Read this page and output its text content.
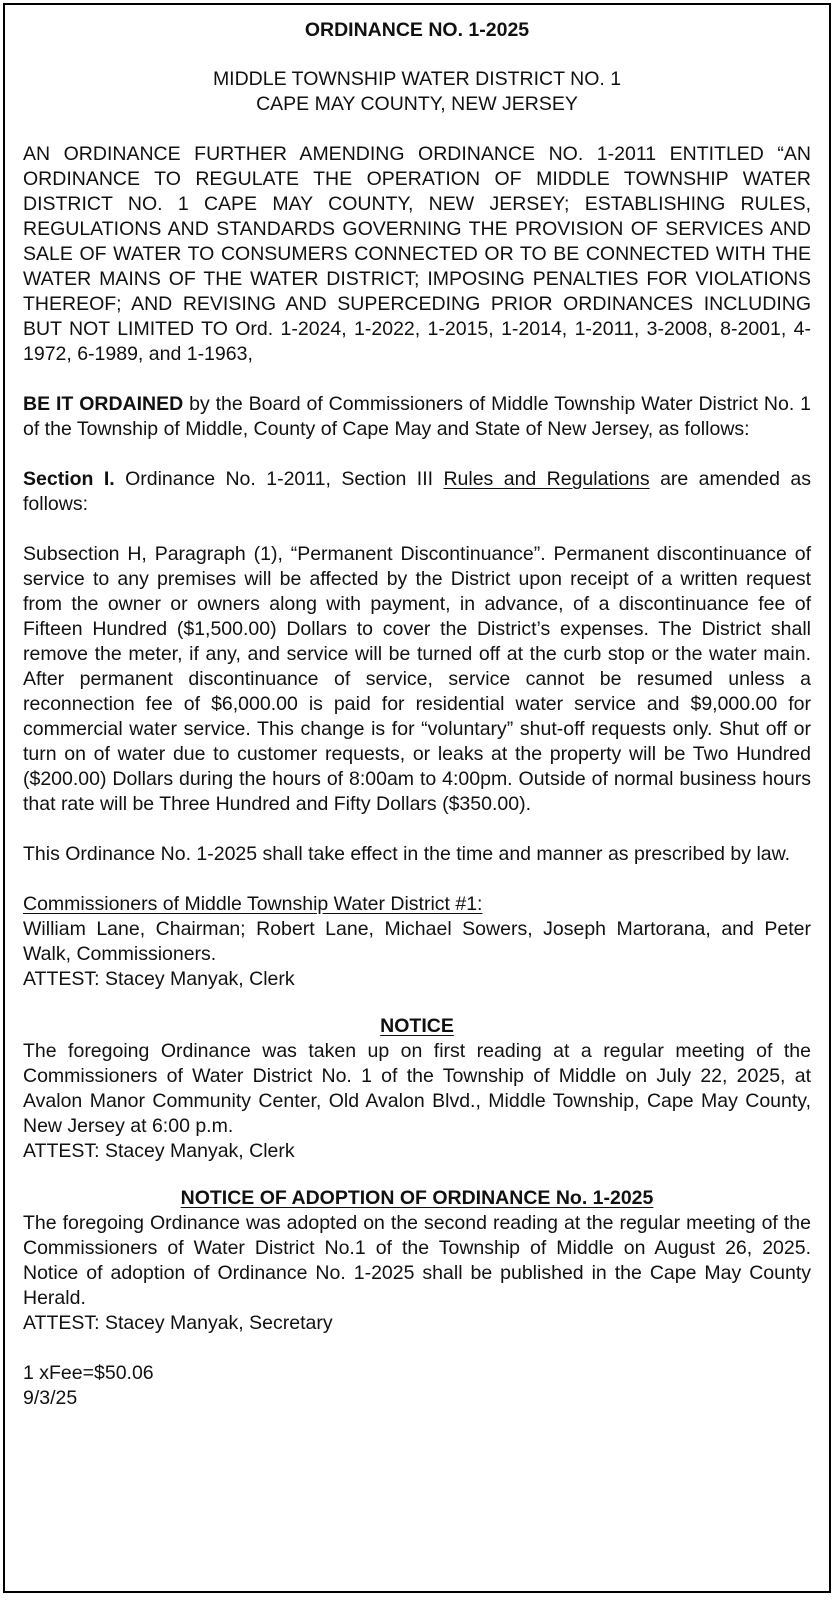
ORDINANCE NO. 1-2025

MIDDLE TOWNSHIP WATER DISTRICT NO. 1
CAPE MAY COUNTY, NEW JERSEY

AN ORDINANCE FURTHER AMENDING ORDINANCE NO. 1-2011 ENTITLED “AN ORDINANCE TO REGULATE THE OPERATION OF MIDDLE TOWNSHIP WATER DISTRICT NO. 1 CAPE MAY COUNTY, NEW JERSEY; ESTABLISHING RULES, REGULATIONS AND STANDARDS GOVERNING THE PROVISION OF SERVICES AND SALE OF WATER TO CONSUMERS CONNECTED OR TO BE CONNECTED WITH THE WATER MAINS OF THE WATER DISTRICT; IMPOSING PENALTIES FOR VIOLATIONS THEREOF; AND REVISING AND SUPERCEDING PRIOR ORDINANCES INCLUDING BUT NOT LIMITED TO Ord. 1-2024, 1-2022, 1-2015, 1-2014, 1-2011, 3-2008, 8-2001, 4-1972, 6-1989, and 1-1963,

BE IT ORDAINED by the Board of Commissioners of Middle Township Water District No. 1 of the Township of Middle, County of Cape May and State of New Jersey, as follows:

Section I. Ordinance No. 1-2011, Section III Rules and Regulations are amended as follows:

Subsection H, Paragraph (1), “Permanent Discontinuance”. Permanent discontinuance of service to any premises will be affected by the District upon receipt of a written request from the owner or owners along with payment, in advance, of a discontinuance fee of Fifteen Hundred ($1,500.00) Dollars to cover the District’s expenses. The District shall remove the meter, if any, and service will be turned off at the curb stop or the water main. After permanent discontinuance of service, service cannot be resumed unless a reconnection fee of $6,000.00 is paid for residential water service and $9,000.00 for commercial water service. This change is for “voluntary” shut-off requests only. Shut off or turn on of water due to customer requests, or leaks at the property will be Two Hundred ($200.00) Dollars during the hours of 8:00am to 4:00pm. Outside of normal business hours that rate will be Three Hundred and Fifty Dollars ($350.00).

This Ordinance No. 1-2025 shall take effect in the time and manner as prescribed by law.

Commissioners of Middle Township Water District #1:
William Lane, Chairman; Robert Lane, Michael Sowers, Joseph Martorana, and Peter Walk, Commissioners.
ATTEST: Stacey Manyak, Clerk

NOTICE

The foregoing Ordinance was taken up on first reading at a regular meeting of the Commissioners of Water District No. 1 of the Township of Middle on July 22, 2025, at Avalon Manor Community Center, Old Avalon Blvd., Middle Township, Cape May County, New Jersey at 6:00 p.m.

ATTEST: Stacey Manyak, Clerk

NOTICE OF ADOPTION OF ORDINANCE No. 1-2025

The foregoing Ordinance was adopted on the second reading at the regular meeting of the Commissioners of Water District No.1 of the Township of Middle on August 26, 2025. Notice of adoption of Ordinance No. 1-2025 shall be published in the Cape May County Herald.

ATTEST: Stacey Manyak, Secretary

1 xFee=$50.06
9/3/25
